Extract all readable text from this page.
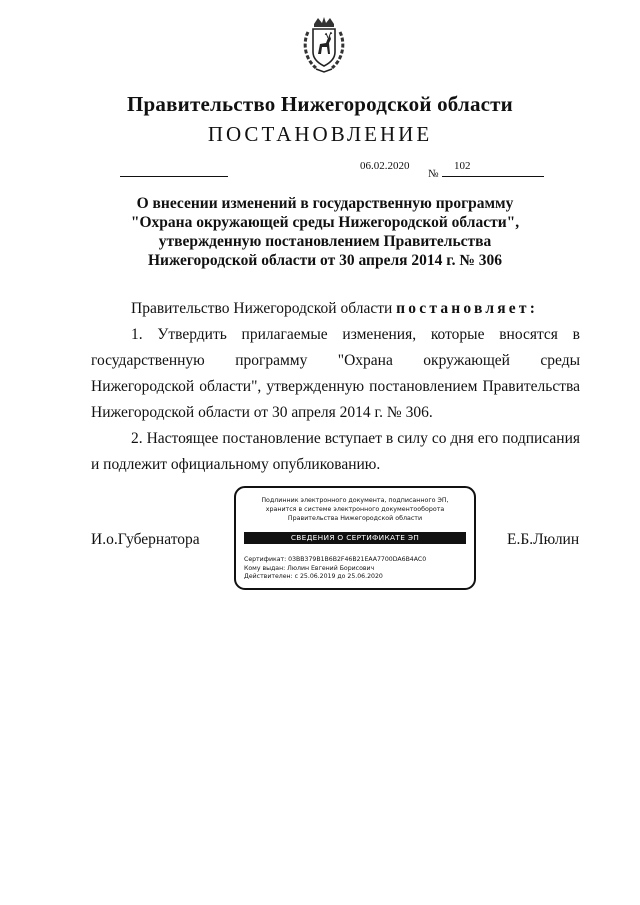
Правительство Нижегородской области
ПОСТАНОВЛЕНИЕ
06.02.2020
№
102
О внесении изменений в государственную программу
"Охрана окружающей среды Нижегородской области",
утвержденную постановлением Правительства
Нижегородской области от 30 апреля 2014 г. № 306

Правительство Нижегородской области постановляет:

1. Утвердить прилагаемые изменения, которые вносятся в государственную программу "Охрана окружающей среды Нижегородской области", утвержденную постановлением Правительства Нижегородской области от 30 апреля 2014 г. № 306.

2. Настоящее постановление вступает в силу со дня его подписания и подлежит официальному опубликованию.

И.о.Губернатора	Е.Б.Люлин
Подлинник электронного документа, подписанного ЭП,
хранится в системе электронного документооборота
Правительства Нижегородской области
СВЕДЕНИЯ О СЕРТИФИКАТЕ ЭП
Сертификат: 03BB379B1B6B2F46B21EAA7700DA6B4AC0
Кому выдан: Люлин Евгений Борисович
Действителен: с 25.06.2019 до 25.06.2020
